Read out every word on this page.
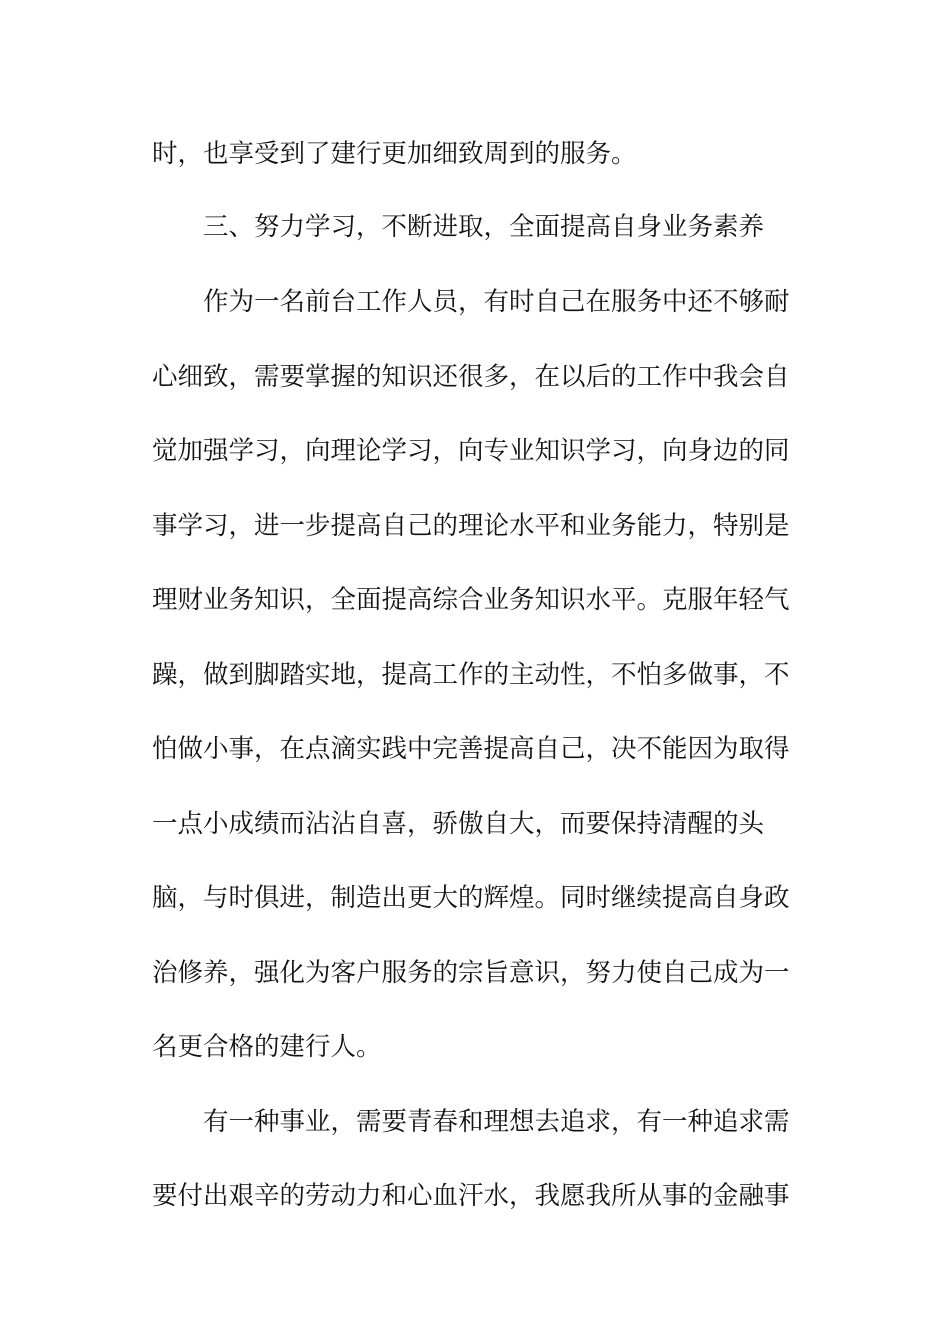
时，也享受到了建行更加细致周到的服务。
三、努力学习，不断进取，全面提高自身业务素养
作为一名前台工作人员，有时自己在服务中还不够耐
心细致，需要掌握的知识还很多，在以后的工作中我会自
觉加强学习，向理论学习，向专业知识学习，向身边的同
事学习，进一步提高自己的理论水平和业务能力，特别是
理财业务知识，全面提高综合业务知识水平。克服年轻气
躁，做到脚踏实地，提高工作的主动性，不怕多做事，不
怕做小事，在点滴实践中完善提高自己，决不能因为取得
一点小成绩而沾沾自喜，骄傲自大，而要保持清醒的头
脑，与时俱进，制造出更大的辉煌。同时继续提高自身政
治修养，强化为客户服务的宗旨意识，努力使自己成为一
名更合格的建行人。
有一种事业，需要青春和理想去追求，有一种追求需
要付出艰辛的劳动力和心血汗水，我愿我所从事的金融事
